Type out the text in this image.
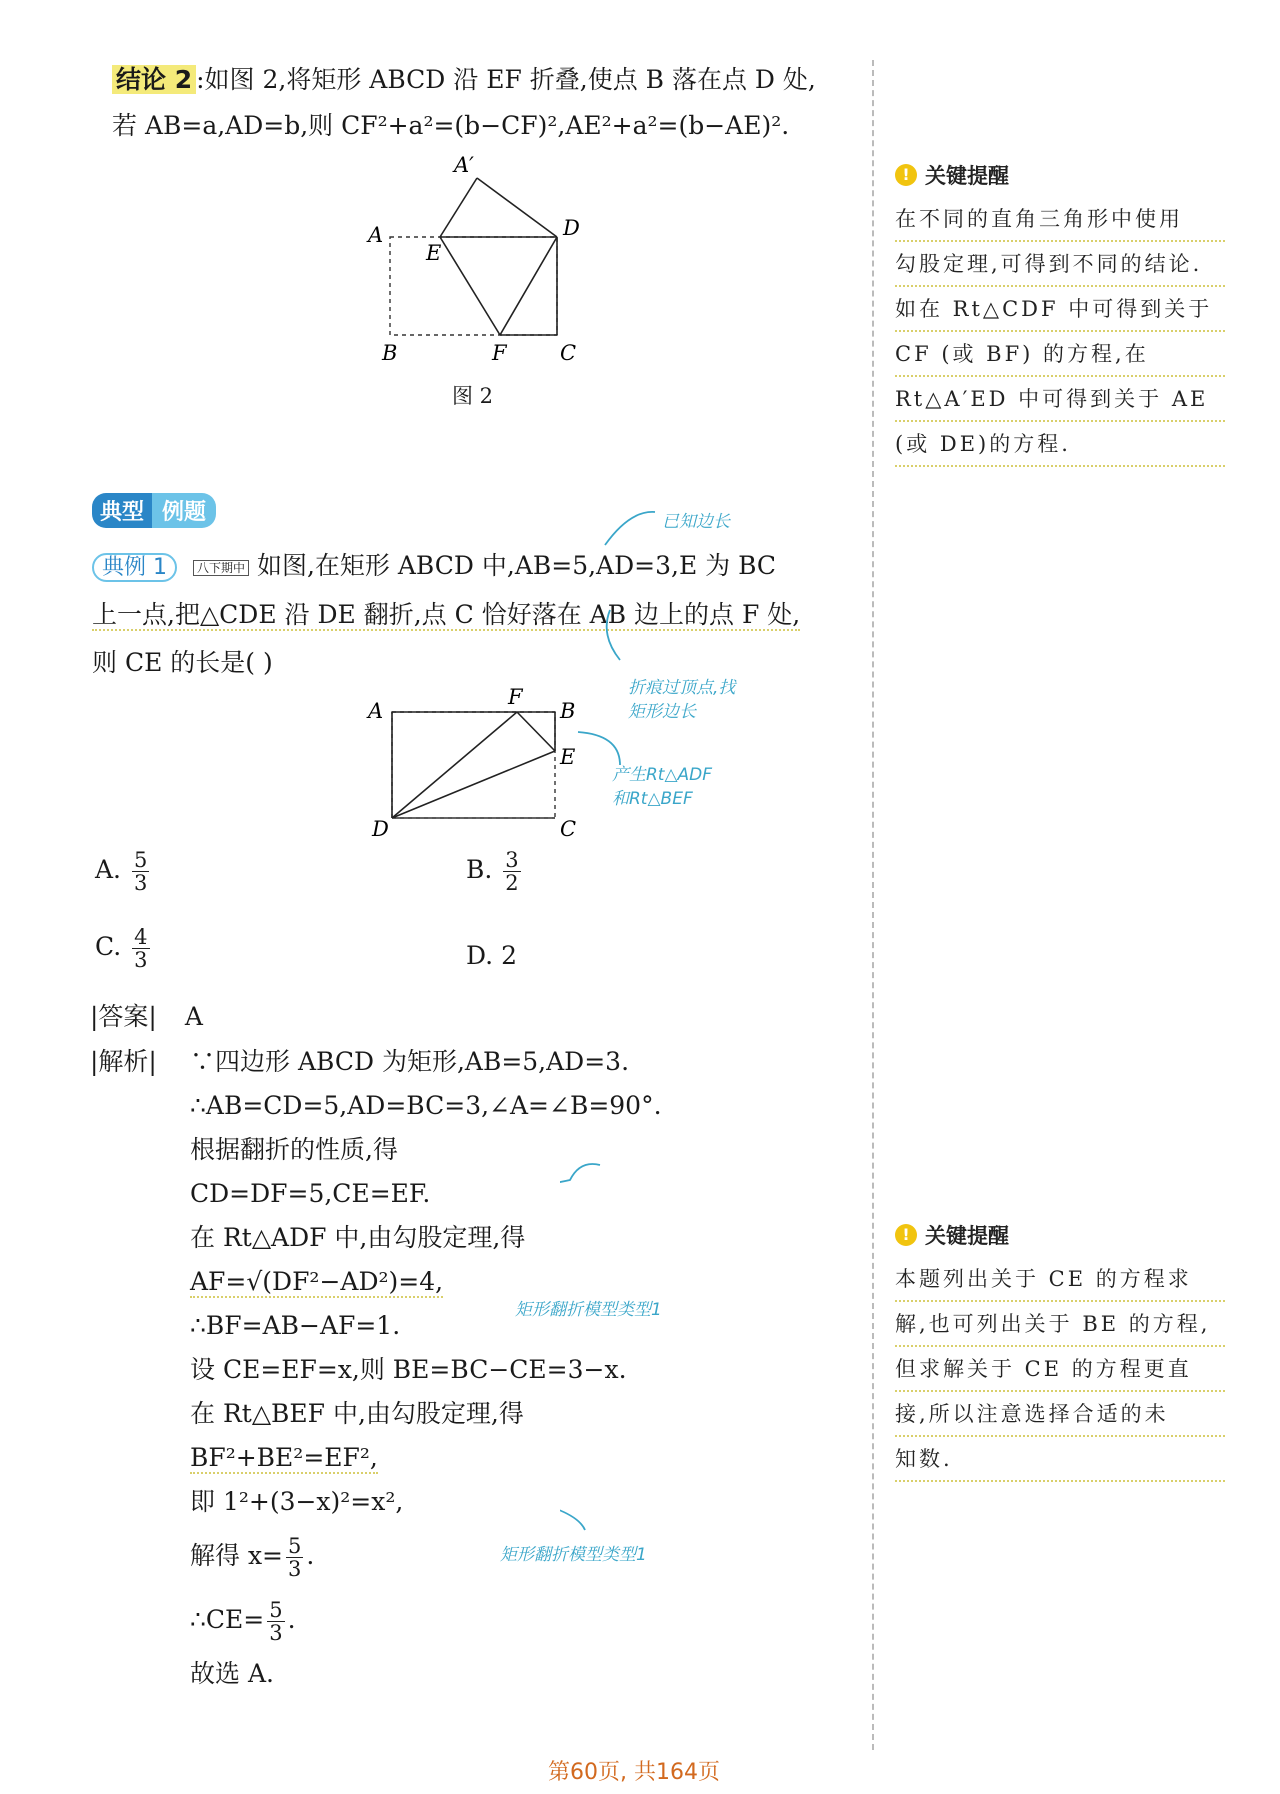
结论 2 :如图 2,将矩形 ABCD 沿 EF 折叠,使点 B 落在点 D 处,
若 AB=a,AD=b,则 CF²+a²=(b−CF)²,AE²+a²=(b−AE)².
A′
A
E
D
B	F	C
图 2
! 关键提醒
在不同的直角三角形中使用
勾股定理,可得到不同的结论.
如在 Rt△CDF 中可得到关于
CF (或 BF) 的方程,在
Rt△A′ED 中可得到关于 AE
(或 DE)的方程.
典型 例题
典例 1 八下期中 如图,在矩形 ABCD 中,AB=5,AD=3,E 为 BC
上一点,把△CDE 沿 DE 翻折,点 C 恰好落在 AB 边上的点 F 处,
则 CE 的长是( )
已知边长
折痕过顶点,找
矩形边长
产生Rt△ADF
和Rt△BEF
矩形翻折模型类型1
矩形翻折模型类型1
A
F
B
E
D	C
A. $\frac{5}{3}$	B. $\frac{3}{2}$
C. $\frac{4}{3}$	D. 2
|答案| A
|解析| ∵四边形 ABCD 为矩形,AB=5,AD=3.
∴AB=CD=5,AD=BC=3,∠A=∠B=90°.
根据翻折的性质,得
CD=DF=5,CE=EF.
在 Rt△ADF 中,由勾股定理,得
AF=√(DF²−AD²)=4,
∴BF=AB−AF=1.
设 CE=EF=x,则 BE=BC−CE=3−x.
在 Rt△BEF 中,由勾股定理,得
BF²+BE²=EF²,
即 1²+(3−x)²=x²,
解得 $x= \frac{5}{3}$ .
∴CE= $\frac{5}{3}$ .
故选 A.
! 关键提醒
本题列出关于 CE 的方程求
解,也可列出关于 BE 的方程,
但求解关于 CE 的方程更直
接,所以注意选择合适的未
知数.
第60页, 共164页
